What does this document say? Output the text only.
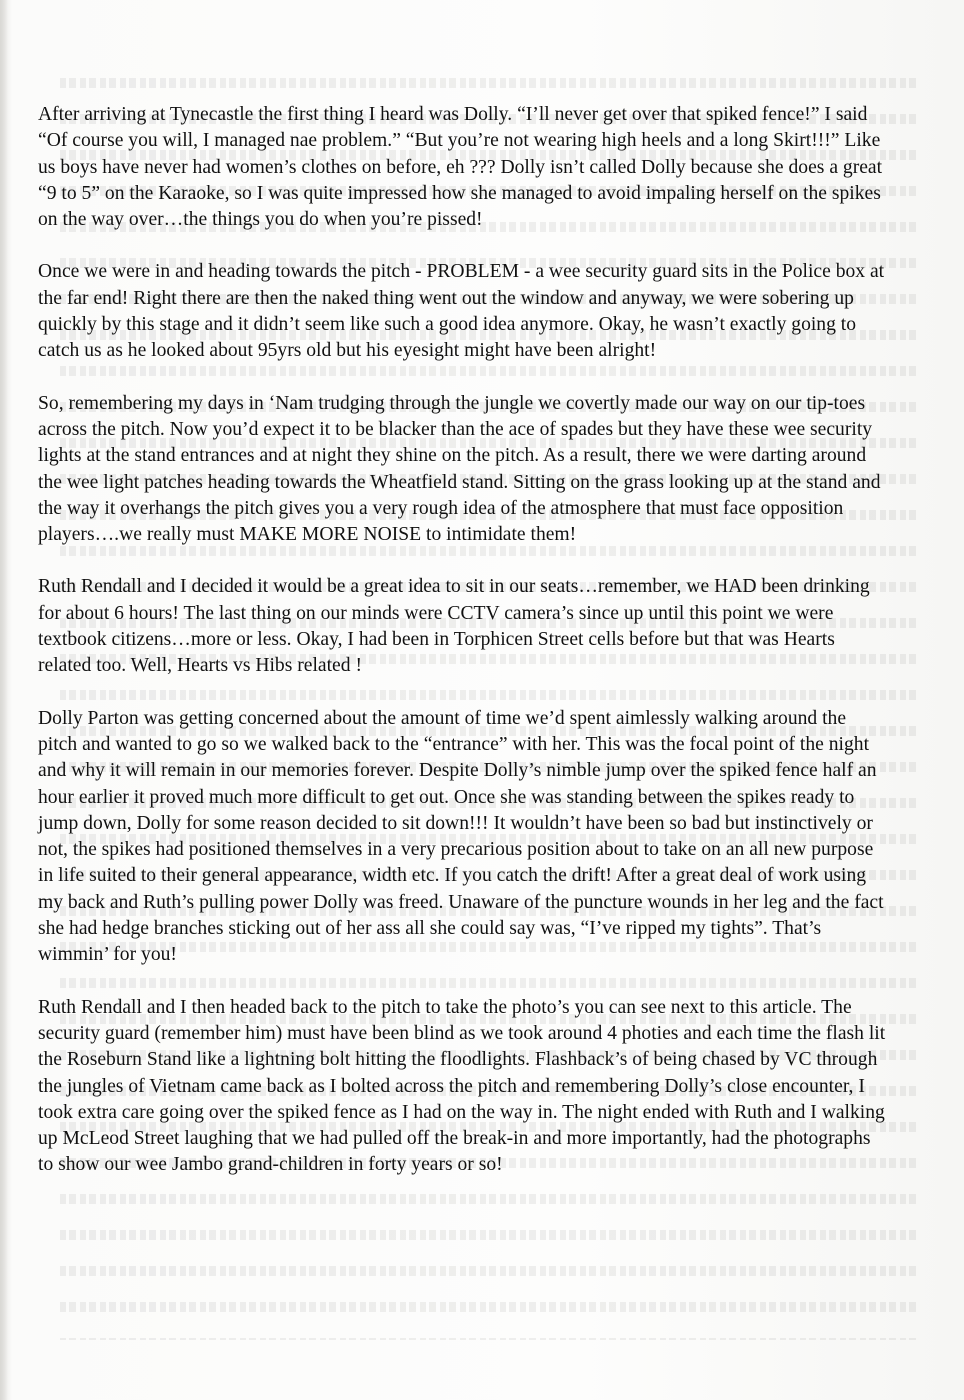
After arriving at Tynecastle the first thing I heard was Dolly. “I’ll never get over that spiked fence!” I said “Of course you will, I managed nae problem.” “But you’re not wearing high heels and a long Skirt!!!” Like us boys have never had women’s clothes on before, eh ??? Dolly isn’t called Dolly because she does a great “9 to 5” on the Karaoke, so I was quite impressed how she managed to avoid impaling herself on the spikes on the way over…the things you do when you’re pissed!

Once we were in and heading towards the pitch - PROBLEM - a wee security guard sits in the Police box at the far end! Right there are then the naked thing went out the window and anyway, we were sobering up quickly by this stage and it didn’t seem like such a good idea anymore. Okay, he wasn’t exactly going to catch us as he looked about 95yrs old but his eyesight might have been alright!

So, remembering my days in ‘Nam trudging through the jungle we covertly made our way on our tip-toes across the pitch. Now you’d expect it to be blacker than the ace of spades but they have these wee security lights at the stand entrances and at night they shine on the pitch. As a result, there we were darting around the wee light patches heading towards the Wheatfield stand. Sitting on the grass looking up at the stand and the way it overhangs the pitch gives you a very rough idea of the atmosphere that must face opposition players….we really must MAKE MORE NOISE to intimidate them!

Ruth Rendall and I decided it would be a great idea to sit in our seats…remember, we HAD been drinking for about 6 hours! The last thing on our minds were CCTV camera’s since up until this point we were textbook citizens…more or less. Okay, I had been in Torphicen Street cells before but that was Hearts related too. Well, Hearts vs Hibs related !

Dolly Parton was getting concerned about the amount of time we’d spent aimlessly walking around the pitch and wanted to go so we walked back to the “entrance” with her. This was the focal point of the night and why it will remain in our memories forever. Despite Dolly’s nimble jump over the spiked fence half an hour earlier it proved much more difficult to get out. Once she was standing between the spikes ready to jump down, Dolly for some reason decided to sit down!!! It wouldn’t have been so bad but instinctively or not, the spikes had positioned themselves in a very precarious position about to take on an all new purpose in life suited to their general appearance, width etc. If you catch the drift! After a great deal of work using my back and Ruth’s pulling power Dolly was freed. Unaware of the puncture wounds in her leg and the fact she had hedge branches sticking out of her ass all she could say was, “I’ve ripped my tights”. That’s wimmin’ for you!

Ruth Rendall and I then headed back to the pitch to take the photo’s you can see next to this article. The security guard (remember him) must have been blind as we took around 4 photies and each time the flash lit the Roseburn Stand like a lightning bolt hitting the floodlights. Flashback’s of being chased by VC through the jungles of Vietnam came back as I bolted across the pitch and remembering Dolly’s close encounter, I took extra care going over the spiked fence as I had on the way in. The night ended with Ruth and I walking up McLeod Street laughing that we had pulled off the break-in and more importantly, had the photographs to show our wee Jambo grand-children in forty years or so!
